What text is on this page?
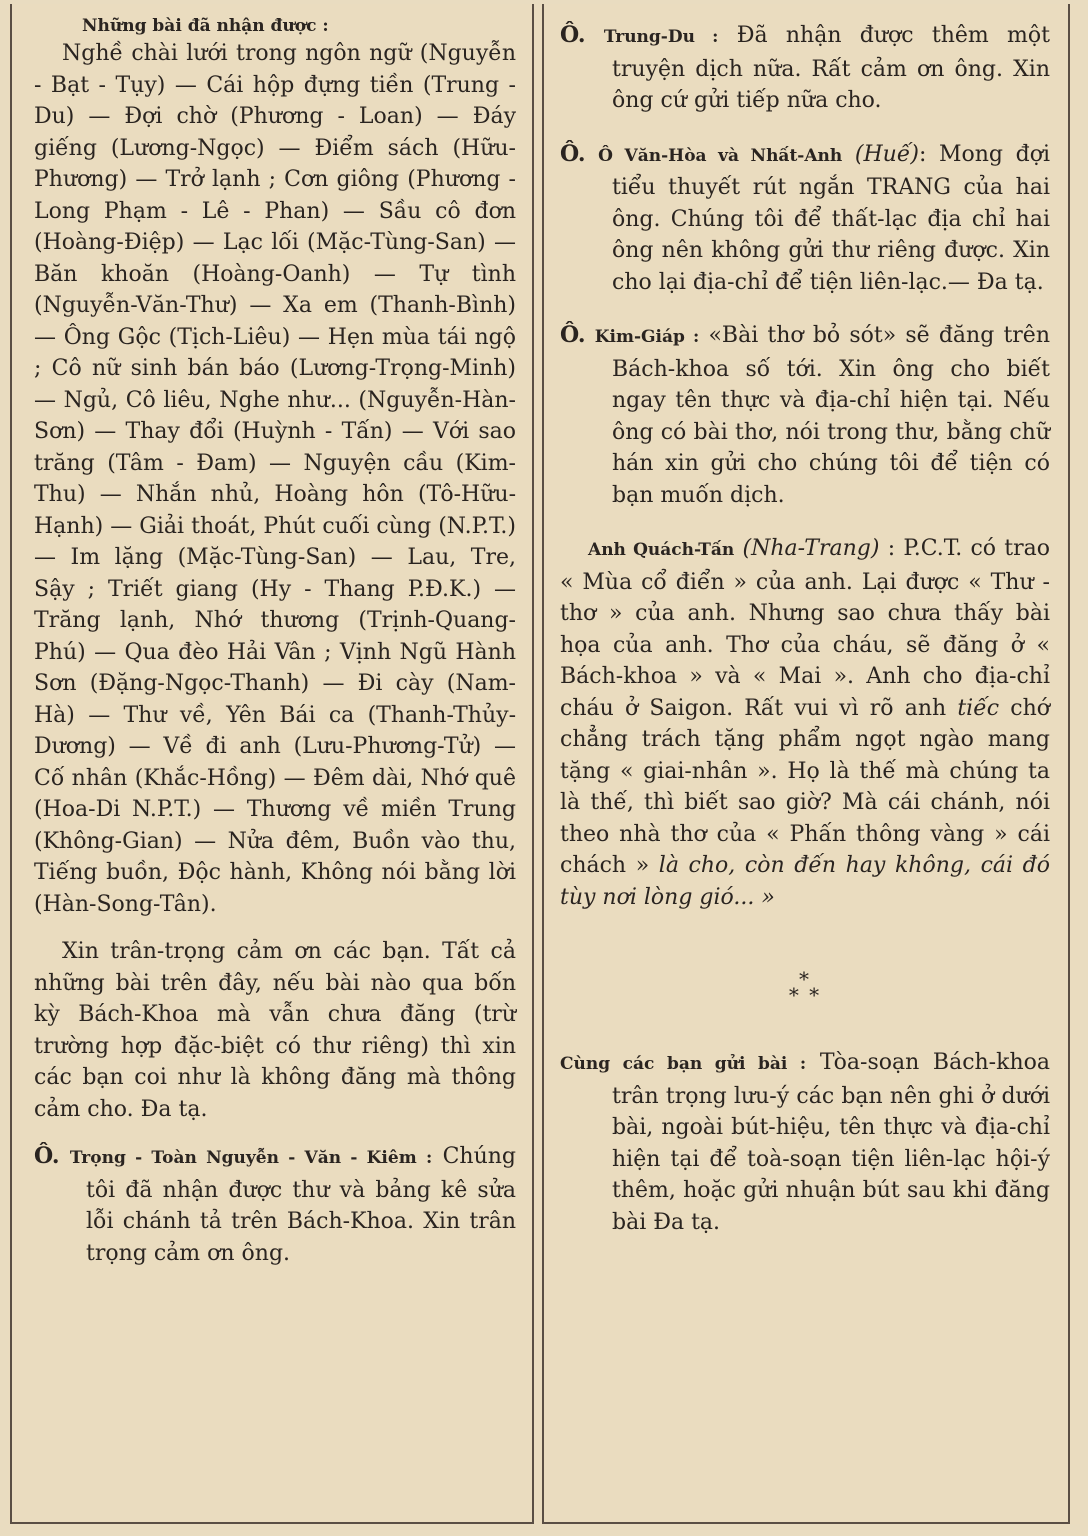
Những bài đã nhận được :

Nghề chài lưới trong ngôn ngữ (Nguyễn - Bạt - Tụy) — Cái hộp đựng tiền (Trung - Du) — Đợi chờ (Phương - Loan) — Đáy giếng (Lương-Ngọc) — Điểm sách (Hữu-Phương) — Trở lạnh ; Cơn giông (Phương - Long Phạm - Lê - Phan) — Sầu cô đơn (Hoàng-Điệp) — Lạc lối (Mặc-Tùng-San) — Băn khoăn (Hoàng-Oanh) — Tự tình (Nguyễn-Văn-Thư) — Xa em (Thanh-Bình) — Ông Gộc (Tịch-Liêu) — Hẹn mùa tái ngộ ; Cô nữ sinh bán báo (Lương-Trọng-Minh) — Ngủ, Cô liêu, Nghe như... (Nguyễn-Hàn-Sơn) — Thay đổi (Huỳnh - Tấn) — Với sao trăng (Tâm - Đam) — Nguyện cầu (Kim-Thu) — Nhắn nhủ, Hoàng hôn (Tô-Hữu-Hạnh) — Giải thoát, Phút cuối cùng (N.P.T.) — Im lặng (Mặc-Tùng-San) — Lau, Tre, Sậy ; Triết giang (Hy - Thang P.Đ.K.) — Trăng lạnh, Nhớ thương (Trịnh-Quang-Phú) — Qua đèo Hải Vân ; Vịnh Ngũ Hành Sơn (Đặng-Ngọc-Thanh) — Đi cày (Nam-Hà) — Thư về, Yên Bái ca (Thanh-Thủy-Dương) — Về đi anh (Lưu-Phương-Tử) — Cố nhân (Khắc-Hồng) — Đêm dài, Nhớ quê (Hoa-Di N.P.T.) — Thương về miền Trung (Không-Gian) — Nửa đêm, Buồn vào thu, Tiếng buồn, Độc hành, Không nói bằng lời (Hàn-Song-Tân).

Xin trân-trọng cảm ơn các bạn. Tất cả những bài trên đây, nếu bài nào qua bốn kỳ Bách-Khoa mà vẫn chưa đăng (trừ trường hợp đặc-biệt có thư riêng) thì xin các bạn coi như là không đăng mà thông cảm cho. Đa tạ.

Ô. Trọng - Toàn Nguyễn - Văn - Kiêm : Chúng tôi đã nhận được thư và bảng kê sửa lỗi chánh tả trên Bách-Khoa. Xin trân trọng cảm ơn ông.

Ô. Trung-Du : Đã nhận được thêm một truyện dịch nữa. Rất cảm ơn ông. Xin ông cứ gửi tiếp nữa cho.

Ô. Ô Văn-Hòa và Nhất-Anh (Huế): Mong đợi tiểu thuyết rút ngắn TRANG của hai ông. Chúng tôi để thất-lạc địa chỉ hai ông nên không gửi thư riêng được. Xin cho lại địa-chỉ để tiện liên-lạc.— Đa tạ.

Ô. Kim-Giáp : «Bài thơ bỏ sót» sẽ đăng trên Bách-khoa số tới. Xin ông cho biết ngay tên thực và địa-chỉ hiện tại. Nếu ông có bài thơ, nói trong thư, bằng chữ hán xin gửi cho chúng tôi để tiện có bạn muốn dịch.

Anh Quách-Tấn (Nha-Trang) : P.C.T. có trao « Mùa cổ điển » của anh. Lại được « Thư - thơ » của anh. Nhưng sao chưa thấy bài họa của anh. Thơ của cháu, sẽ đăng ở « Bách-khoa » và « Mai ». Anh cho địa-chỉ cháu ở Saigon. Rất vui vì rõ anh tiếc chớ chẳng trách tặng phẩm ngọt ngào mang tặng « giai-nhân ». Họ là thế mà chúng ta là thế, thì biết sao giờ? Mà cái chánh, nói theo nhà thơ của « Phấn thông vàng » cái chách » là cho, còn đến hay không, cái đó tùy nơi lòng gió... »

*
* *

Cùng các bạn gửi bài : Tòa-soạn Bách-khoa trân trọng lưu-ý các bạn nên ghi ở dưới bài, ngoài bút-hiệu, tên thực và địa-chỉ hiện tại để toà-soạn tiện liên-lạc hội-ý thêm, hoặc gửi nhuận bút sau khi đăng bài Đa tạ.
